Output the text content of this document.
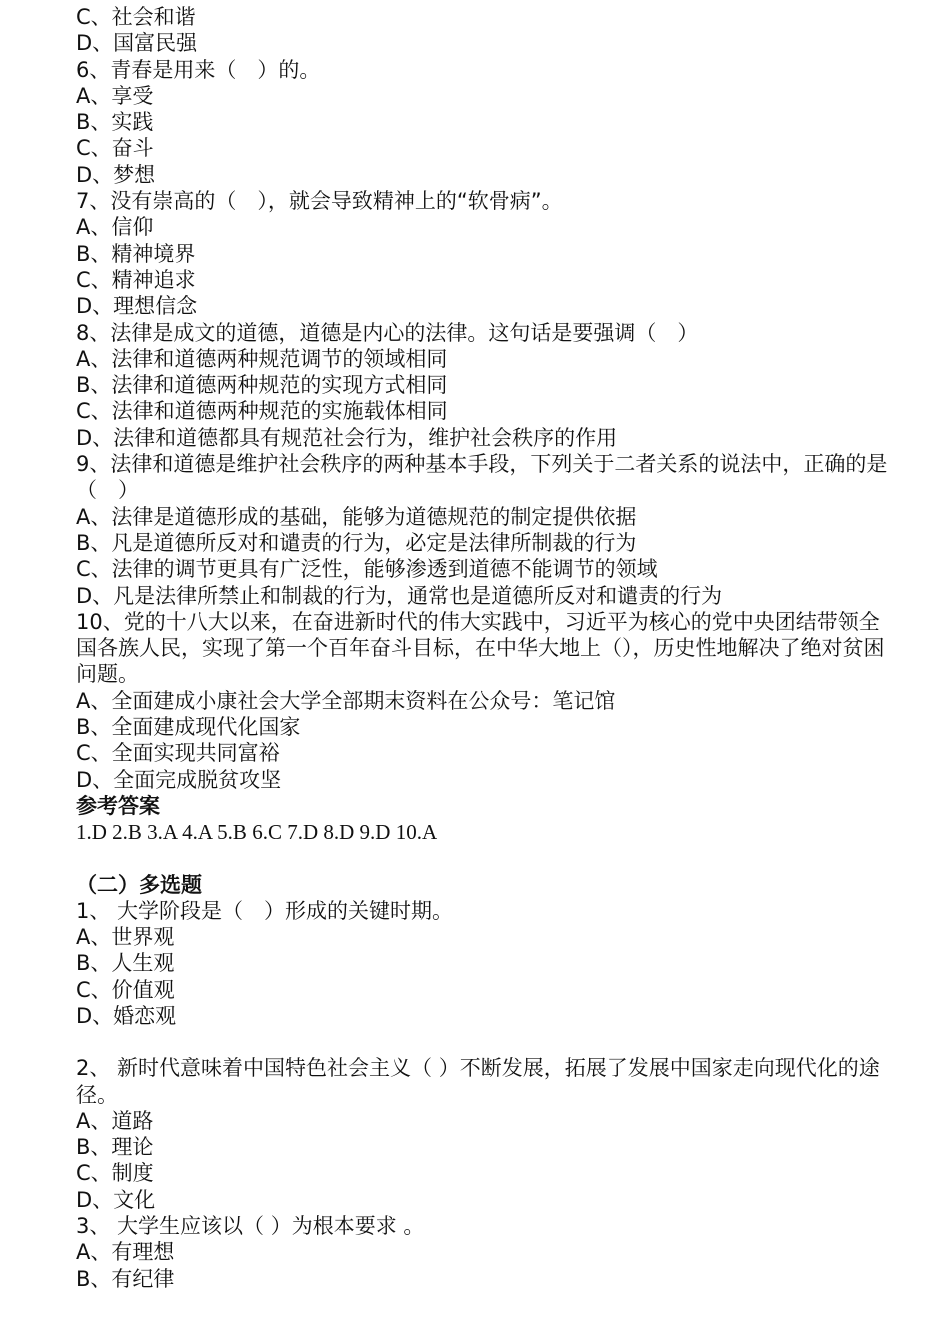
C、社会和谐
D、国富民强
6、青春是用来（　）的。
A、享受
B、实践
C、奋斗
D、梦想
7、没有崇高的（　），就会导致精神上的“软骨病”。
A、信仰
B、精神境界
C、精神追求
D、理想信念
8、法律是成文的道德，道德是内心的法律。这句话是要强调（　）
A、法律和道德两种规范调节的领域相同
B、法律和道德两种规范的实现方式相同
C、法律和道德两种规范的实施载体相同
D、法律和道德都具有规范社会行为，维护社会秩序的作用
9、法律和道德是维护社会秩序的两种基本手段，下列关于二者关系的说法中，正确的是（　）
A、法律是道德形成的基础，能够为道德规范的制定提供依据
B、凡是道德所反对和谴责的行为，必定是法律所制裁的行为
C、法律的调节更具有广泛性，能够渗透到道德不能调节的领域
D、凡是法律所禁止和制裁的行为，通常也是道德所反对和谴责的行为
10、党的十八大以来，在奋进新时代的伟大实践中，习近平为核心的党中央团结带领全国各族人民，实现了第一个百年奋斗目标，在中华大地上（），历史性地解决了绝对贫困问题。
A、全面建成小康社会大学全部期末资料在公众号：笔记馆
B、全面建成现代化国家
C、全面实现共同富裕
D、全面完成脱贫攻坚
参考答案
1.D 2.B 3.A 4.A 5.B 6.C 7.D 8.D 9.D 10.A
（二）多选题
1、 大学阶段是（　）形成的关键时期。
A、世界观
B、人生观
C、价值观
D、婚恋观
2、 新时代意味着中国特色社会主义（ ）不断发展，拓展了发展中国家走向现代化的途径。
A、道路
B、理论
C、制度
D、文化
3、 大学生应该以（ ）为根本要求 。
A、有理想
B、有纪律
